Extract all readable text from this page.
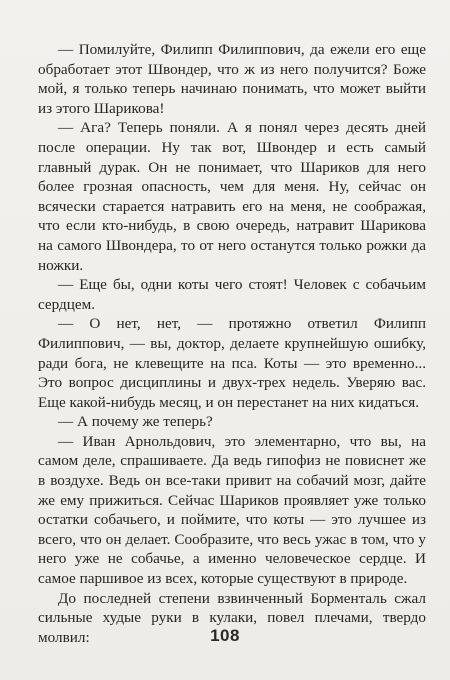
— Помилуйте, Филипп Филиппович, да ежели его еще обработает этот Швондер, что ж из него получится? Боже мой, я только теперь начинаю понимать, что может выйти из этого Шарикова!

— Ага? Теперь поняли. А я понял через десять дней после операции. Ну так вот, Швондер и есть самый главный дурак. Он не понимает, что Шариков для него более грозная опасность, чем для меня. Ну, сейчас он всячески старается натравить его на меня, не соображая, что если кто-нибудь, в свою очередь, натравит Шарикова на самого Швондера, то от него останутся только рожки да ножки.

— Еще бы, одни коты чего стоят! Человек с собачьим сердцем.

— О нет, нет, — протяжно ответил Филипп Филиппович, — вы, доктор, делаете крупнейшую ошибку, ради бога, не клевещите на пса. Коты — это временно... Это вопрос дисциплины и двух-трех недель. Уверяю вас. Еще какой-нибудь месяц, и он перестанет на них кидаться.

— А почему же теперь?

— Иван Арнольдович, это элементарно, что вы, на самом деле, спрашиваете. Да ведь гипофиз не повиснет же в воздухе. Ведь он все-таки привит на собачий мозг, дайте же ему прижиться. Сейчас Шариков проявляет уже только остатки собачьего, и поймите, что коты — это лучшее из всего, что он делает. Сообразите, что весь ужас в том, что у него уже не собачье, а именно человеческое сердце. И самое паршивое из всех, которые существуют в природе.

До последней степени взвинченный Борменталь сжал сильные худые руки в кулаки, повел плечами, твердо молвил:	108
